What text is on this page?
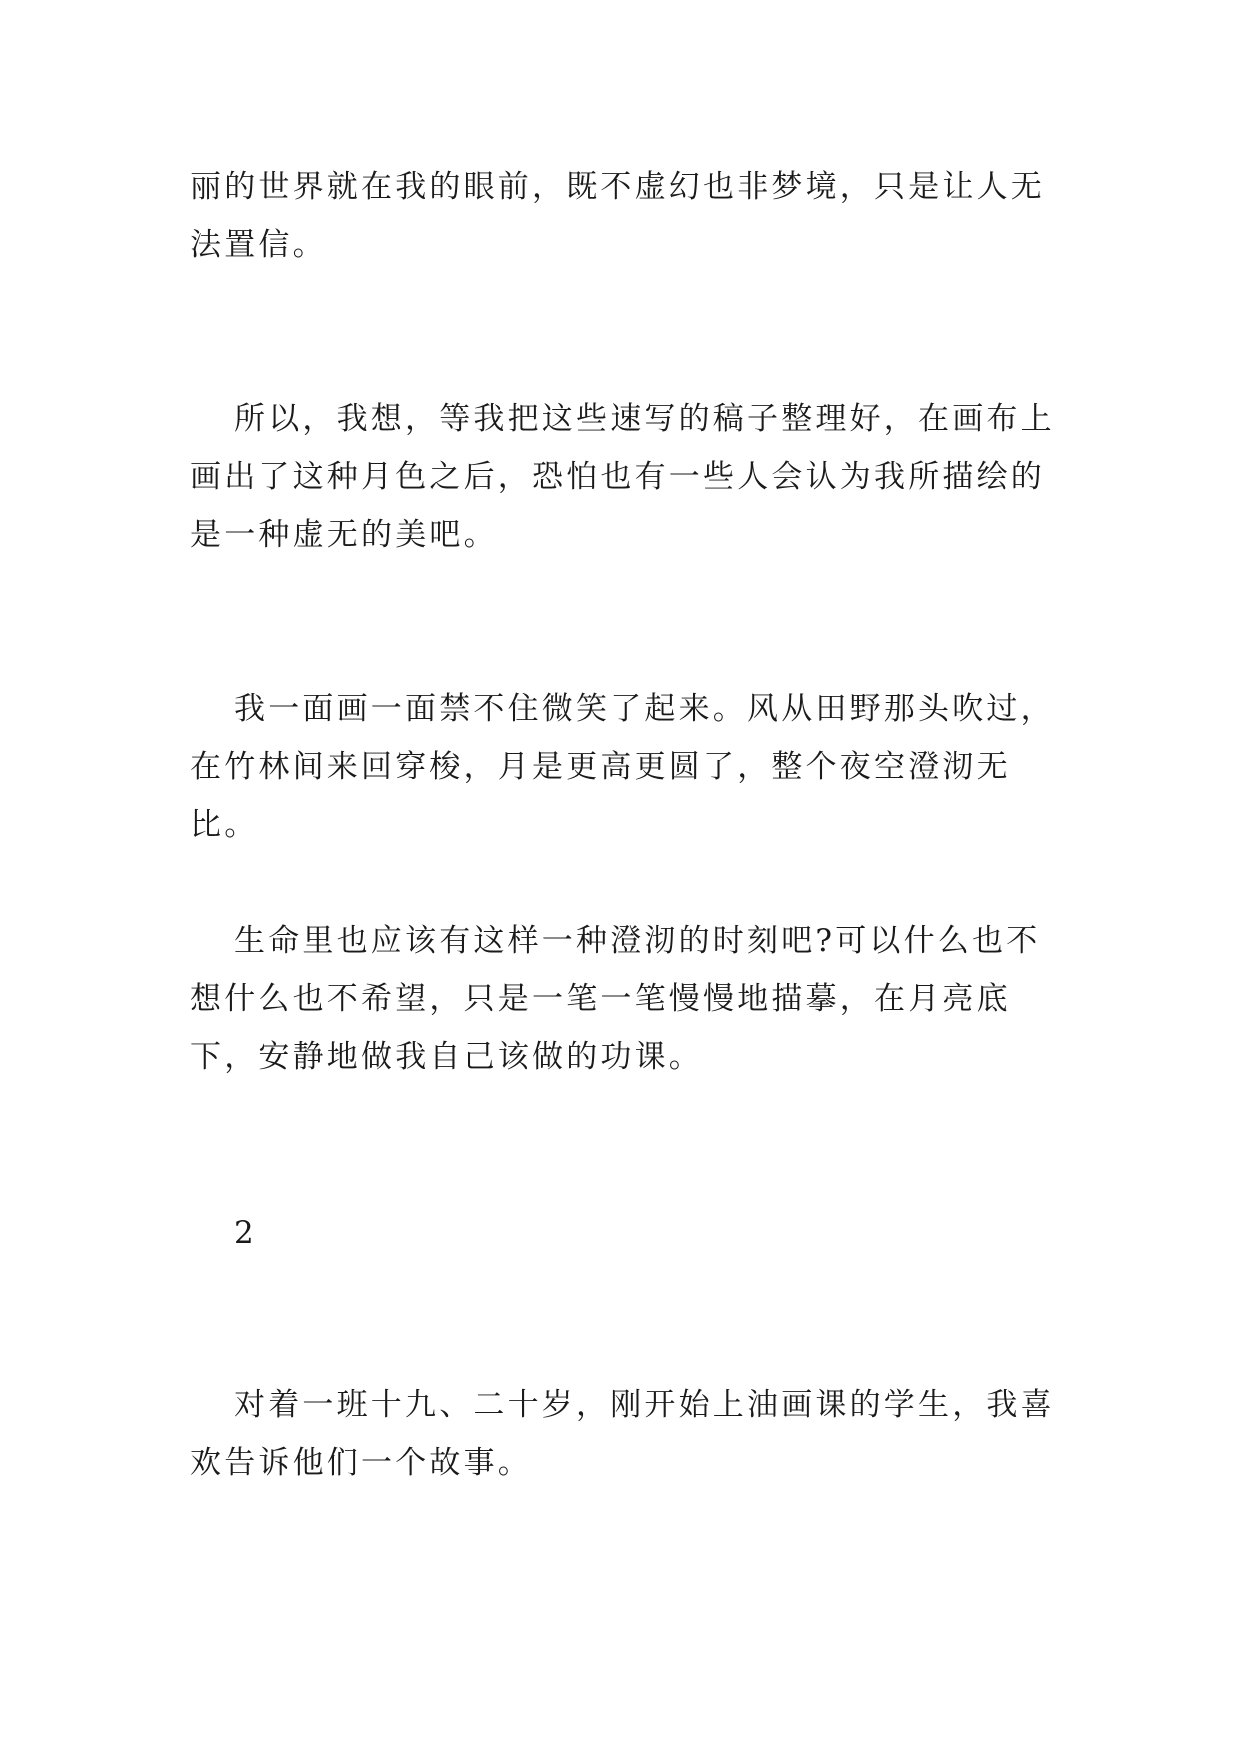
丽的世界就在我的眼前，既不虚幻也非梦境，只是让人无法置信。

所以，我想，等我把这些速写的稿子整理好，在画布上画出了这种月色之后，恐怕也有一些人会认为我所描绘的是一种虚无的美吧。

我一面画一面禁不住微笑了起来。风从田野那头吹过，在竹林间来回穿梭，月是更高更圆了，整个夜空澄沏无比。

生命里也应该有这样一种澄沏的时刻吧?可以什么也不想什么也不希望，只是一笔一笔慢慢地描摹，在月亮底下，安静地做我自己该做的功课。

2

对着一班十九、二十岁，刚开始上油画课的学生，我喜欢告诉他们一个故事。
